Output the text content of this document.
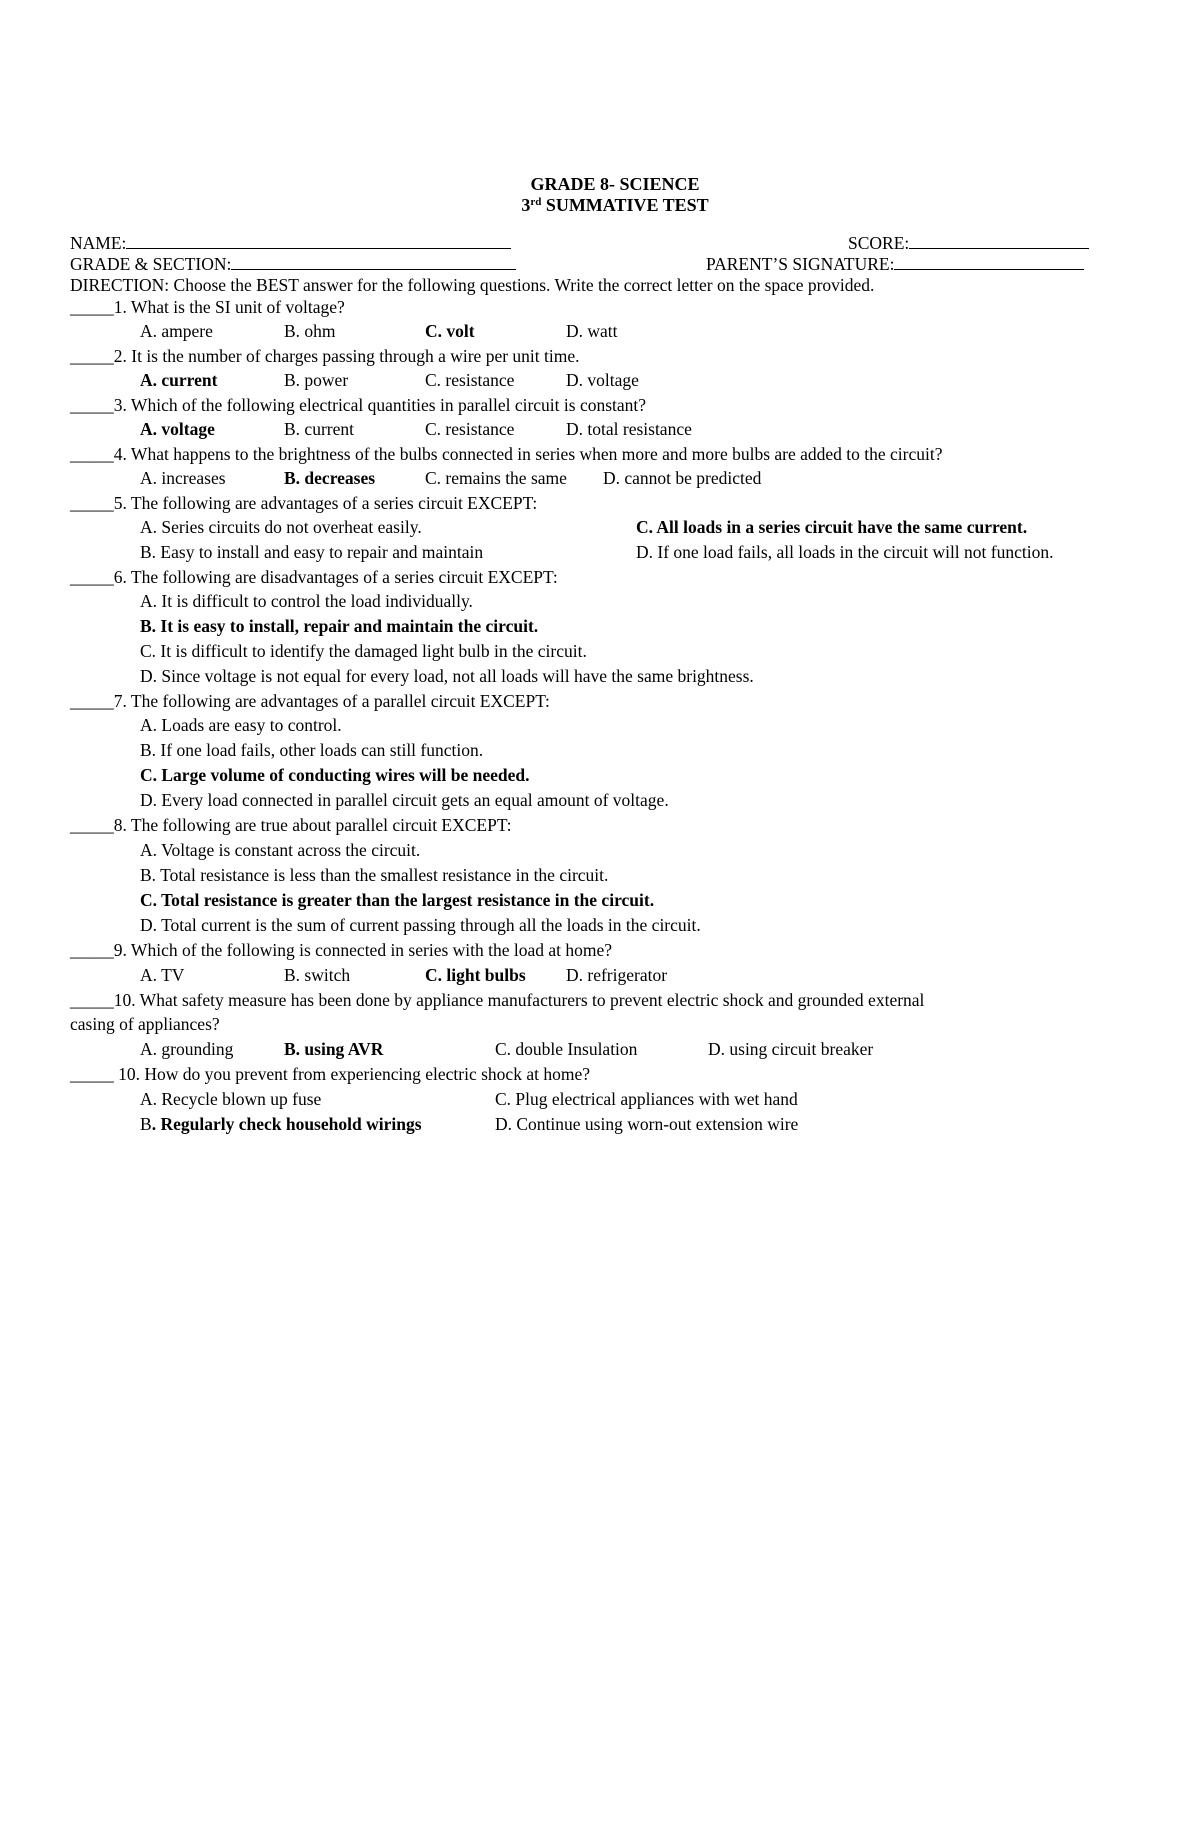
GRADE 8- SCIENCE
3rd SUMMATIVE TEST
NAME:	SCORE:
GRADE & SECTION:	PARENT’S SIGNATURE:
DIRECTION: Choose the BEST answer for the following questions. Write the correct letter on the space provided.
_____1. What is the SI unit of voltage?
A. ampere	B. ohm	C. volt	D. watt
_____2. It is the number of charges passing through a wire per unit time.
A. current	B. power	C. resistance	D. voltage
_____3. Which of the following electrical quantities in parallel circuit is constant?
A. voltage	B. current	C. resistance	D. total resistance
_____4. What happens to the brightness of the bulbs connected in series when more and more bulbs are added to the circuit?
A. increases	B. decreases	C. remains the same D. cannot be predicted
_____5. The following are advantages of a series circuit EXCEPT:
A. Series circuits do not overheat easily.	C. All loads in a series circuit have the same current.
B. Easy to install and easy to repair and maintain	D. If one load fails, all loads in the circuit will not function.
_____6. The following are disadvantages of a series circuit EXCEPT:
A. It is difficult to control the load individually.
B. It is easy to install, repair and maintain the circuit.
C. It is difficult to identify the damaged light bulb in the circuit.
D. Since voltage is not equal for every load, not all loads will have the same brightness.
_____7. The following are advantages of a parallel circuit EXCEPT:
A. Loads are easy to control.
B. If one load fails, other loads can still function.
C. Large volume of conducting wires will be needed.
D. Every load connected in parallel circuit gets an equal amount of voltage.
_____8. The following are true about parallel circuit EXCEPT:
A. Voltage is constant across the circuit.
B. Total resistance is less than the smallest resistance in the circuit.
C. Total resistance is greater than the largest resistance in the circuit.
D. Total current is the sum of current passing through all the loads in the circuit.
_____9. Which of the following is connected in series with the load at home?
A. TV	B. switch	C. light bulbs D. refrigerator
_____10. What safety measure has been done by appliance manufacturers to prevent electric shock and grounded external
casing of appliances?
A. grounding	B. using AVR	C. double Insulation	D. using circuit breaker
_____ 10. How do you prevent from experiencing electric shock at home?
A. Recycle blown up fuse	C. Plug electrical appliances with wet hand
B. Regularly check household wirings	D. Continue using worn-out extension wire
